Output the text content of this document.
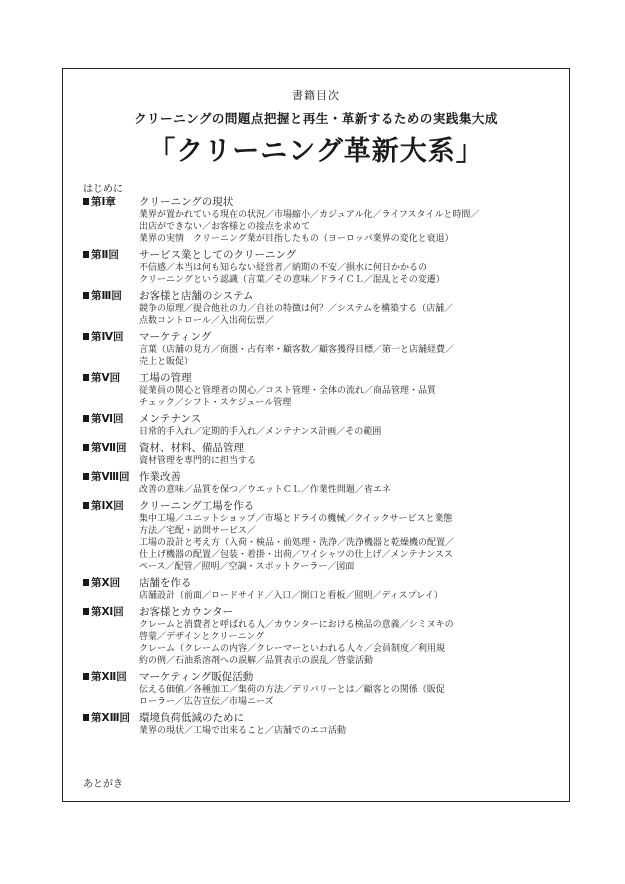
書籍目次
クリーニングの問題点把握と再生・革新するための実践集大成
「クリーニング革新大系」
はじめに
第Ⅰ章	クリーニングの現状
業界が置かれている現在の状況／市場縮小／カジュアル化／ライフスタイルと時間／
出店ができない／お客様との接点を求めて
業界の実情　クリーニング業が目指したもの（ヨーロッパ業界の変化と衰退）
第Ⅱ回	サービス業としてのクリーニング
不信感／本当は何も知らない経営者／納期の不安／損水に何日かかるの
クリーニングという認識（言葉／その意味／ドライＣＬ／混乱とその変遷）
第Ⅲ回	お客様と店舗のシステム
競争の原理／提合他社の力／自社の特徴は何？／システムを構築する（店舗／
点数コントロール／入出荷伝票／
第Ⅳ回	マーケティング
言葉（店舗の見方／商圏・占有率・顧客数／顧客獲得目標／第一と店舗経費／
売上と販促）
第Ⅴ回	工場の管理
従業員の関心と管理者の関心／コスト管理・全体の流れ／商品管理・品質
チェック／シフト・スケジュール管理
第Ⅵ回	メンテナンス
日常的手入れ／定期的手入れ／メンテナンス計画／その範囲
第Ⅶ回	資材、材料、備品管理
資材管理を専門的に担当する
第Ⅷ回 作業改善
改善の意味／品質を保つ／ウエットＣＬ／作業性問題／省エネ
第Ⅸ回	クリーニング工場を作る
集中工場／ユニットショップ／市場とドライの機械／クイックサービスと業態
方法／宅配・訪問サービス／
工場の設計と考え方（入荷・検品・前処理・洗浄／洗浄機器と乾燥機の配置／
仕上げ機器の配置／包装・着掛・出荷／ワイシャツの仕上げ／メンテナンスス
ペース／配管／照明／空調・スポットクーラー／図面
第Ⅹ回	店舗を作る
店舗設計（前面／ロードサイド／入口／開口と看板／照明／ディスプレイ）
第Ⅺ回	お客様とカウンター
クレームと消費者と呼ばれる人／カウンターにおける検品の意義／シミヌキの
啓蒙／デザインとクリーニング
クレーム（クレームの内容／クレーマーといわれる人々／会員制度／利用規
約の例／石油系溶剤への誤解／品質表示の誤乱／啓蒙活動
第Ⅻ回	マーケティング販促活動
伝える価値／各種加工／集荷の方法／デリバリーとは／顧客との関係（販促
ローラー／広告宣伝／市場ニーズ
第ⅩⅢ回 環境負荷低減のために
業界の現状／工場で出来ること／店舗でのエコ活動
あとがき
